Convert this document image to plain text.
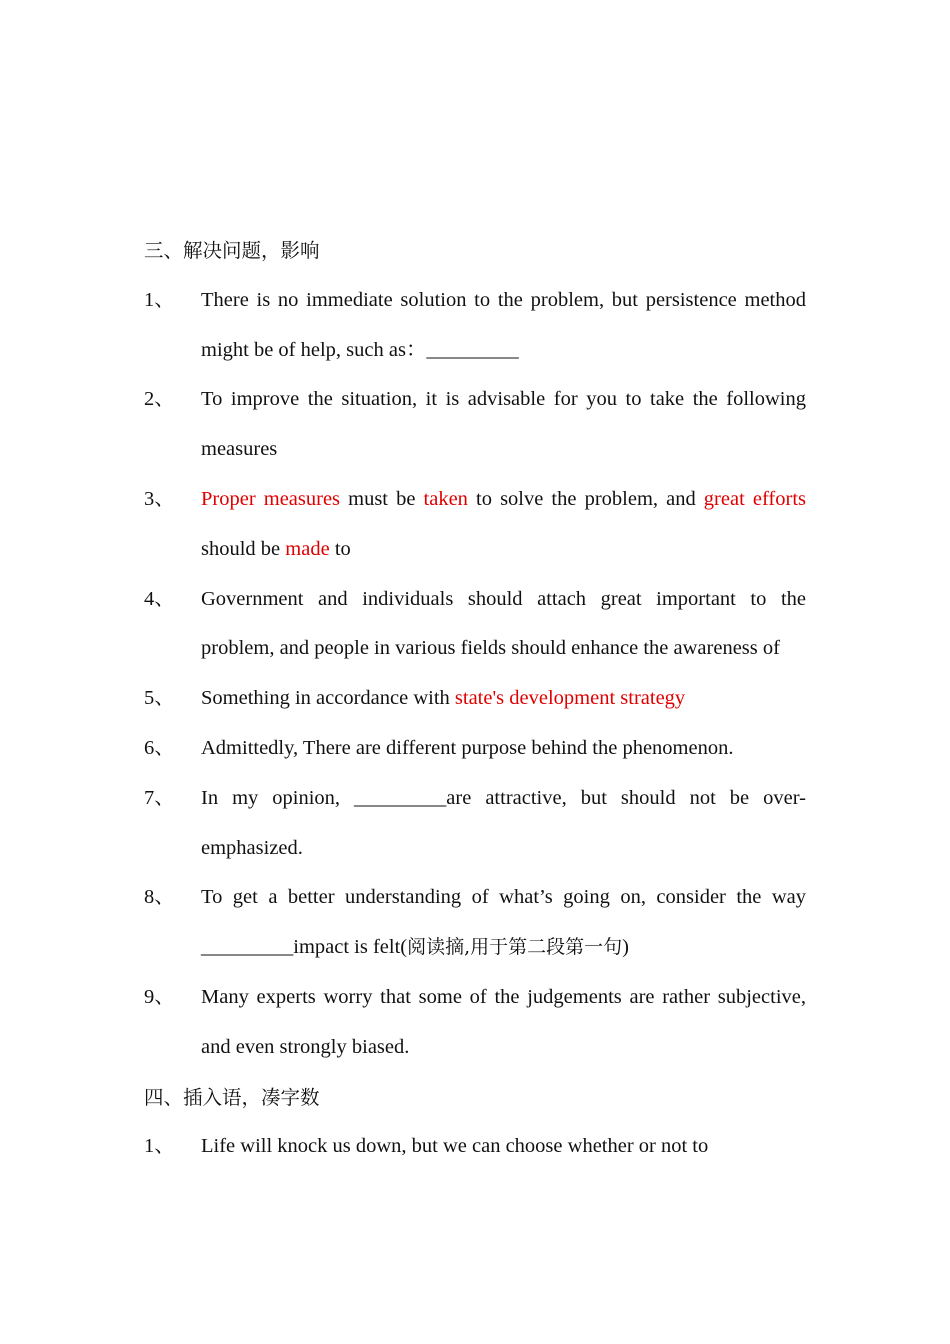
三、解决问题，影响
1、	There is no immediate solution to the problem, but persistence method might be of help, such as：_________
2、	To improve the situation, it is advisable for you to take the following measures
3、	Proper measures must be taken to solve the problem, and great efforts should be made to
4、	Government and individuals should attach great important to the problem, and people in various fields should enhance the awareness of
5、	Something in accordance with state's development strategy
6、	Admittedly, There are different purpose behind the phenomenon.
7、	In my opinion, _________are attractive, but should not be over-emphasized.
8、	To get a better understanding of what’s going on, consider the way _________impact is felt(阅读摘,用于第二段第一句)
9、	Many experts worry that some of the judgements are rather subjective, and even strongly biased.
四、插入语，凑字数
1、	Life will knock us down, but we can choose whether or not to
